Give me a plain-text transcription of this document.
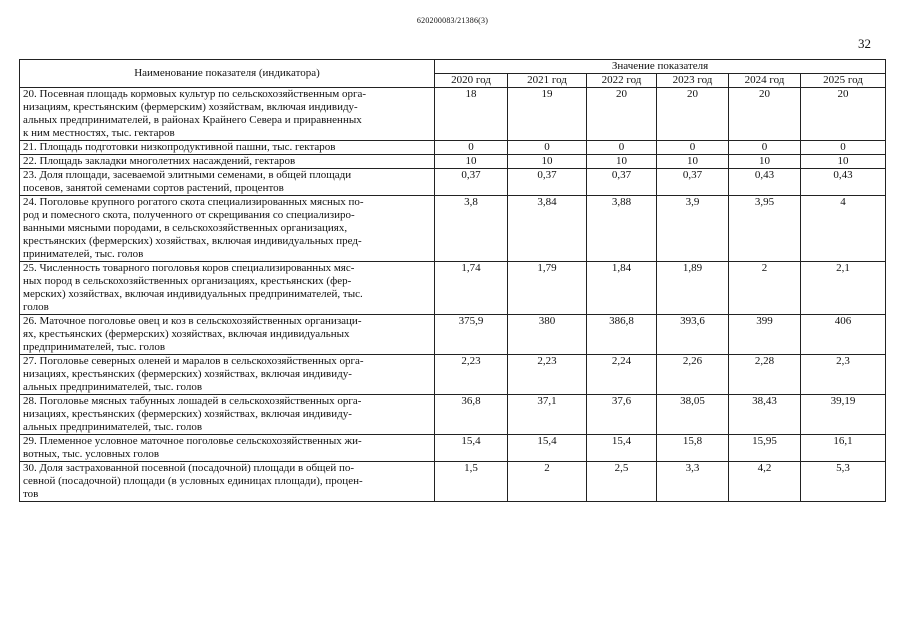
620200083/21386(3)
32
Наименование показателя (индикатора)	Значение показателя					
	2020 год	2021 год	2022 год	2023 год	2024 год	2025 год

20. Посевная площадь кормовых культур по сельскохозяйственным орга-
низациям, крестьянским (фермерским) хозяйствам, включая индивиду-
альных предпринимателей, в районах Крайнего Севера и приравненных
к ним местностях, тыс. гектаров	18	19	20	20	20	20

21. Площадь подготовки низкопродуктивной пашни, тыс. гектаров	0	0	0	0	0	0

22. Площадь закладки многолетних насаждений, гектаров	10	10	10	10	10	10

23. Доля площади, засеваемой элитными семенами, в общей площади
посевов, занятой семенами сортов растений, процентов	0,37	0,37	0,37	0,37	0,43	0,43

24. Поголовье крупного рогатого скота специализированных мясных по-
род и помесного скота, полученного от скрещивания со специализиро-
ванными мясными породами, в сельскохозяйственных организациях,
крестьянских (фермерских) хозяйствах, включая индивидуальных пред-
принимателей, тыс. голов	3,8	3,84	3,88	3,9	3,95	4

25. Численность товарного поголовья коров специализированных мяс-
ных пород в сельскохозяйственных организациях, крестьянских (фер-
мерских) хозяйствах, включая индивидуальных предпринимателей, тыс.
голов	1,74	1,79	1,84	1,89	2	2,1

26. Маточное поголовье овец и коз в сельскохозяйственных организаци-
ях, крестьянских (фермерских) хозяйствах, включая индивидуальных
предпринимателей, тыс. голов	375,9	380	386,8	393,6	399	406

27. Поголовье северных оленей и маралов в сельскохозяйственных орга-
низациях, крестьянских (фермерских) хозяйствах, включая индивиду-
альных предпринимателей, тыс. голов	2,23	2,23	2,24	2,26	2,28	2,3

28. Поголовье мясных табунных лошадей в сельскохозяйственных орга-
низациях, крестьянских (фермерских) хозяйствах, включая индивиду-
альных предпринимателей, тыс. голов	36,8	37,1	37,6	38,05	38,43	39,19

29. Племенное условное маточное поголовье сельскохозяйственных жи-
вотных, тыс. условных голов	15,4	15,4	15,4	15,8	15,95	16,1

30. Доля застрахованной посевной (посадочной) площади в общей по-
севной (посадочной) площади (в условных единицах площади), процен-
тов	1,5	2	2,5	3,3	4,2	5,3
